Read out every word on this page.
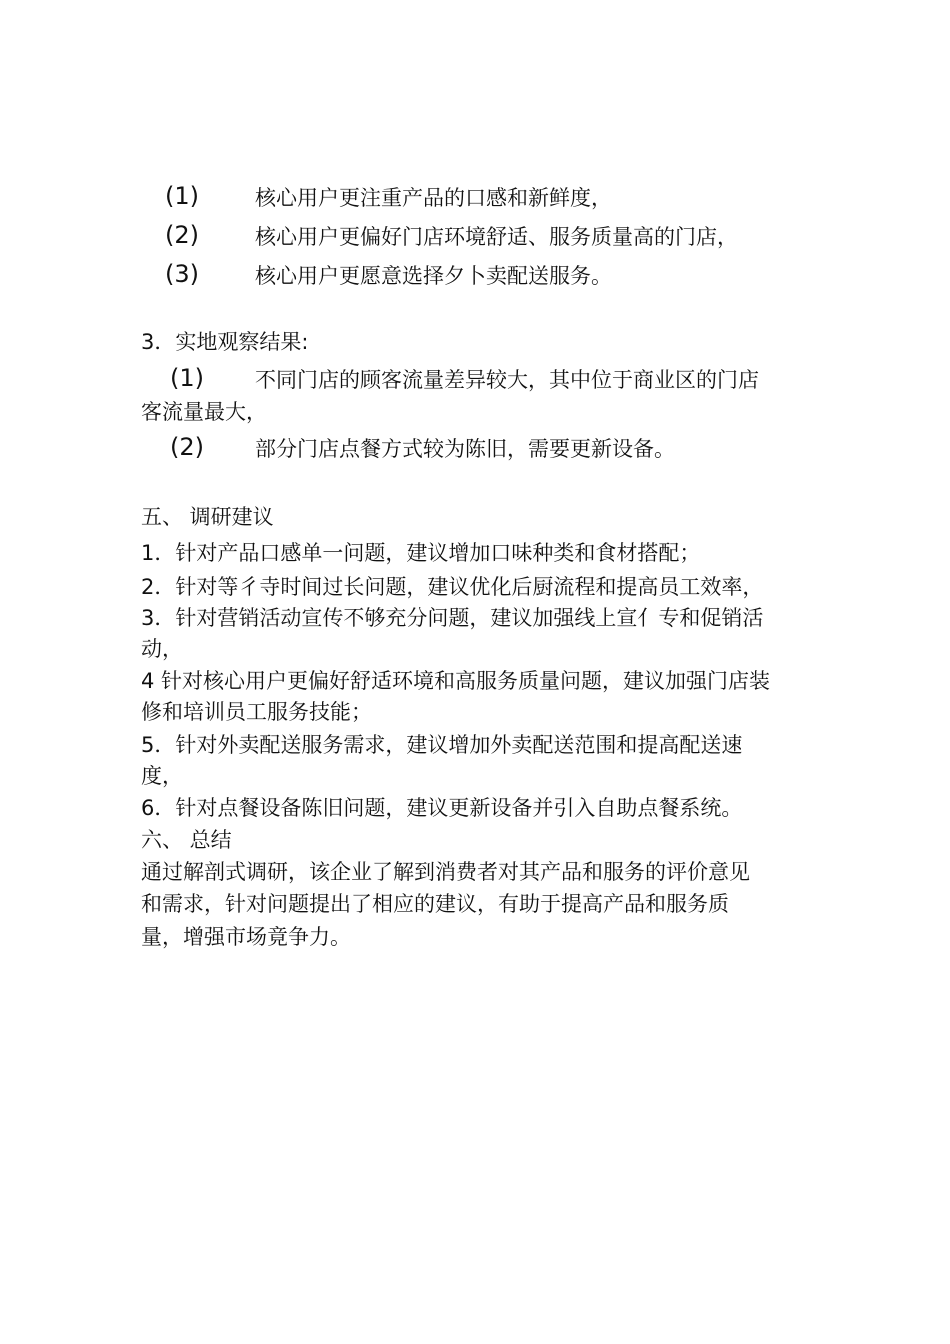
(1)	核心用户更注重产品的口感和新鲜度，
(2)	核心用户更偏好门店环境舒适、服务质量高的门店，
(3)	核心用户更愿意选择夕卜卖配送服务。
3．实地观察结果:
(1) 不同门店的顾客流量差异较大，其中位于商业区的门店
客流量最大，
(2) 部分门店点餐方式较为陈旧，需要更新设备。
五、 调研建议
1．针对产品口感单一问题，建议增加口味种类和食材搭配；
2．针对等彳寺时间过长问题，建议优化后厨流程和提高员工效率，
3．针对营销活动宣传不够充分问题，建议加强线上宣亻专和促销活
动，
4 针对核心用户更偏好舒适环境和高服务质量问题，建议加强门店装
修和培训员工服务技能；
5．针对外卖配送服务需求，建议增加外卖配送范围和提高配送速
度，
6．针对点餐设备陈旧问题，建议更新设备并引入自助点餐系统。
六、 总结
通过解剖式调研，该企业了解到消费者对其产品和服务的评价意见
和需求，针对问题提出了相应的建议，有助于提高产品和服务质
量，增强市场竟争力。
